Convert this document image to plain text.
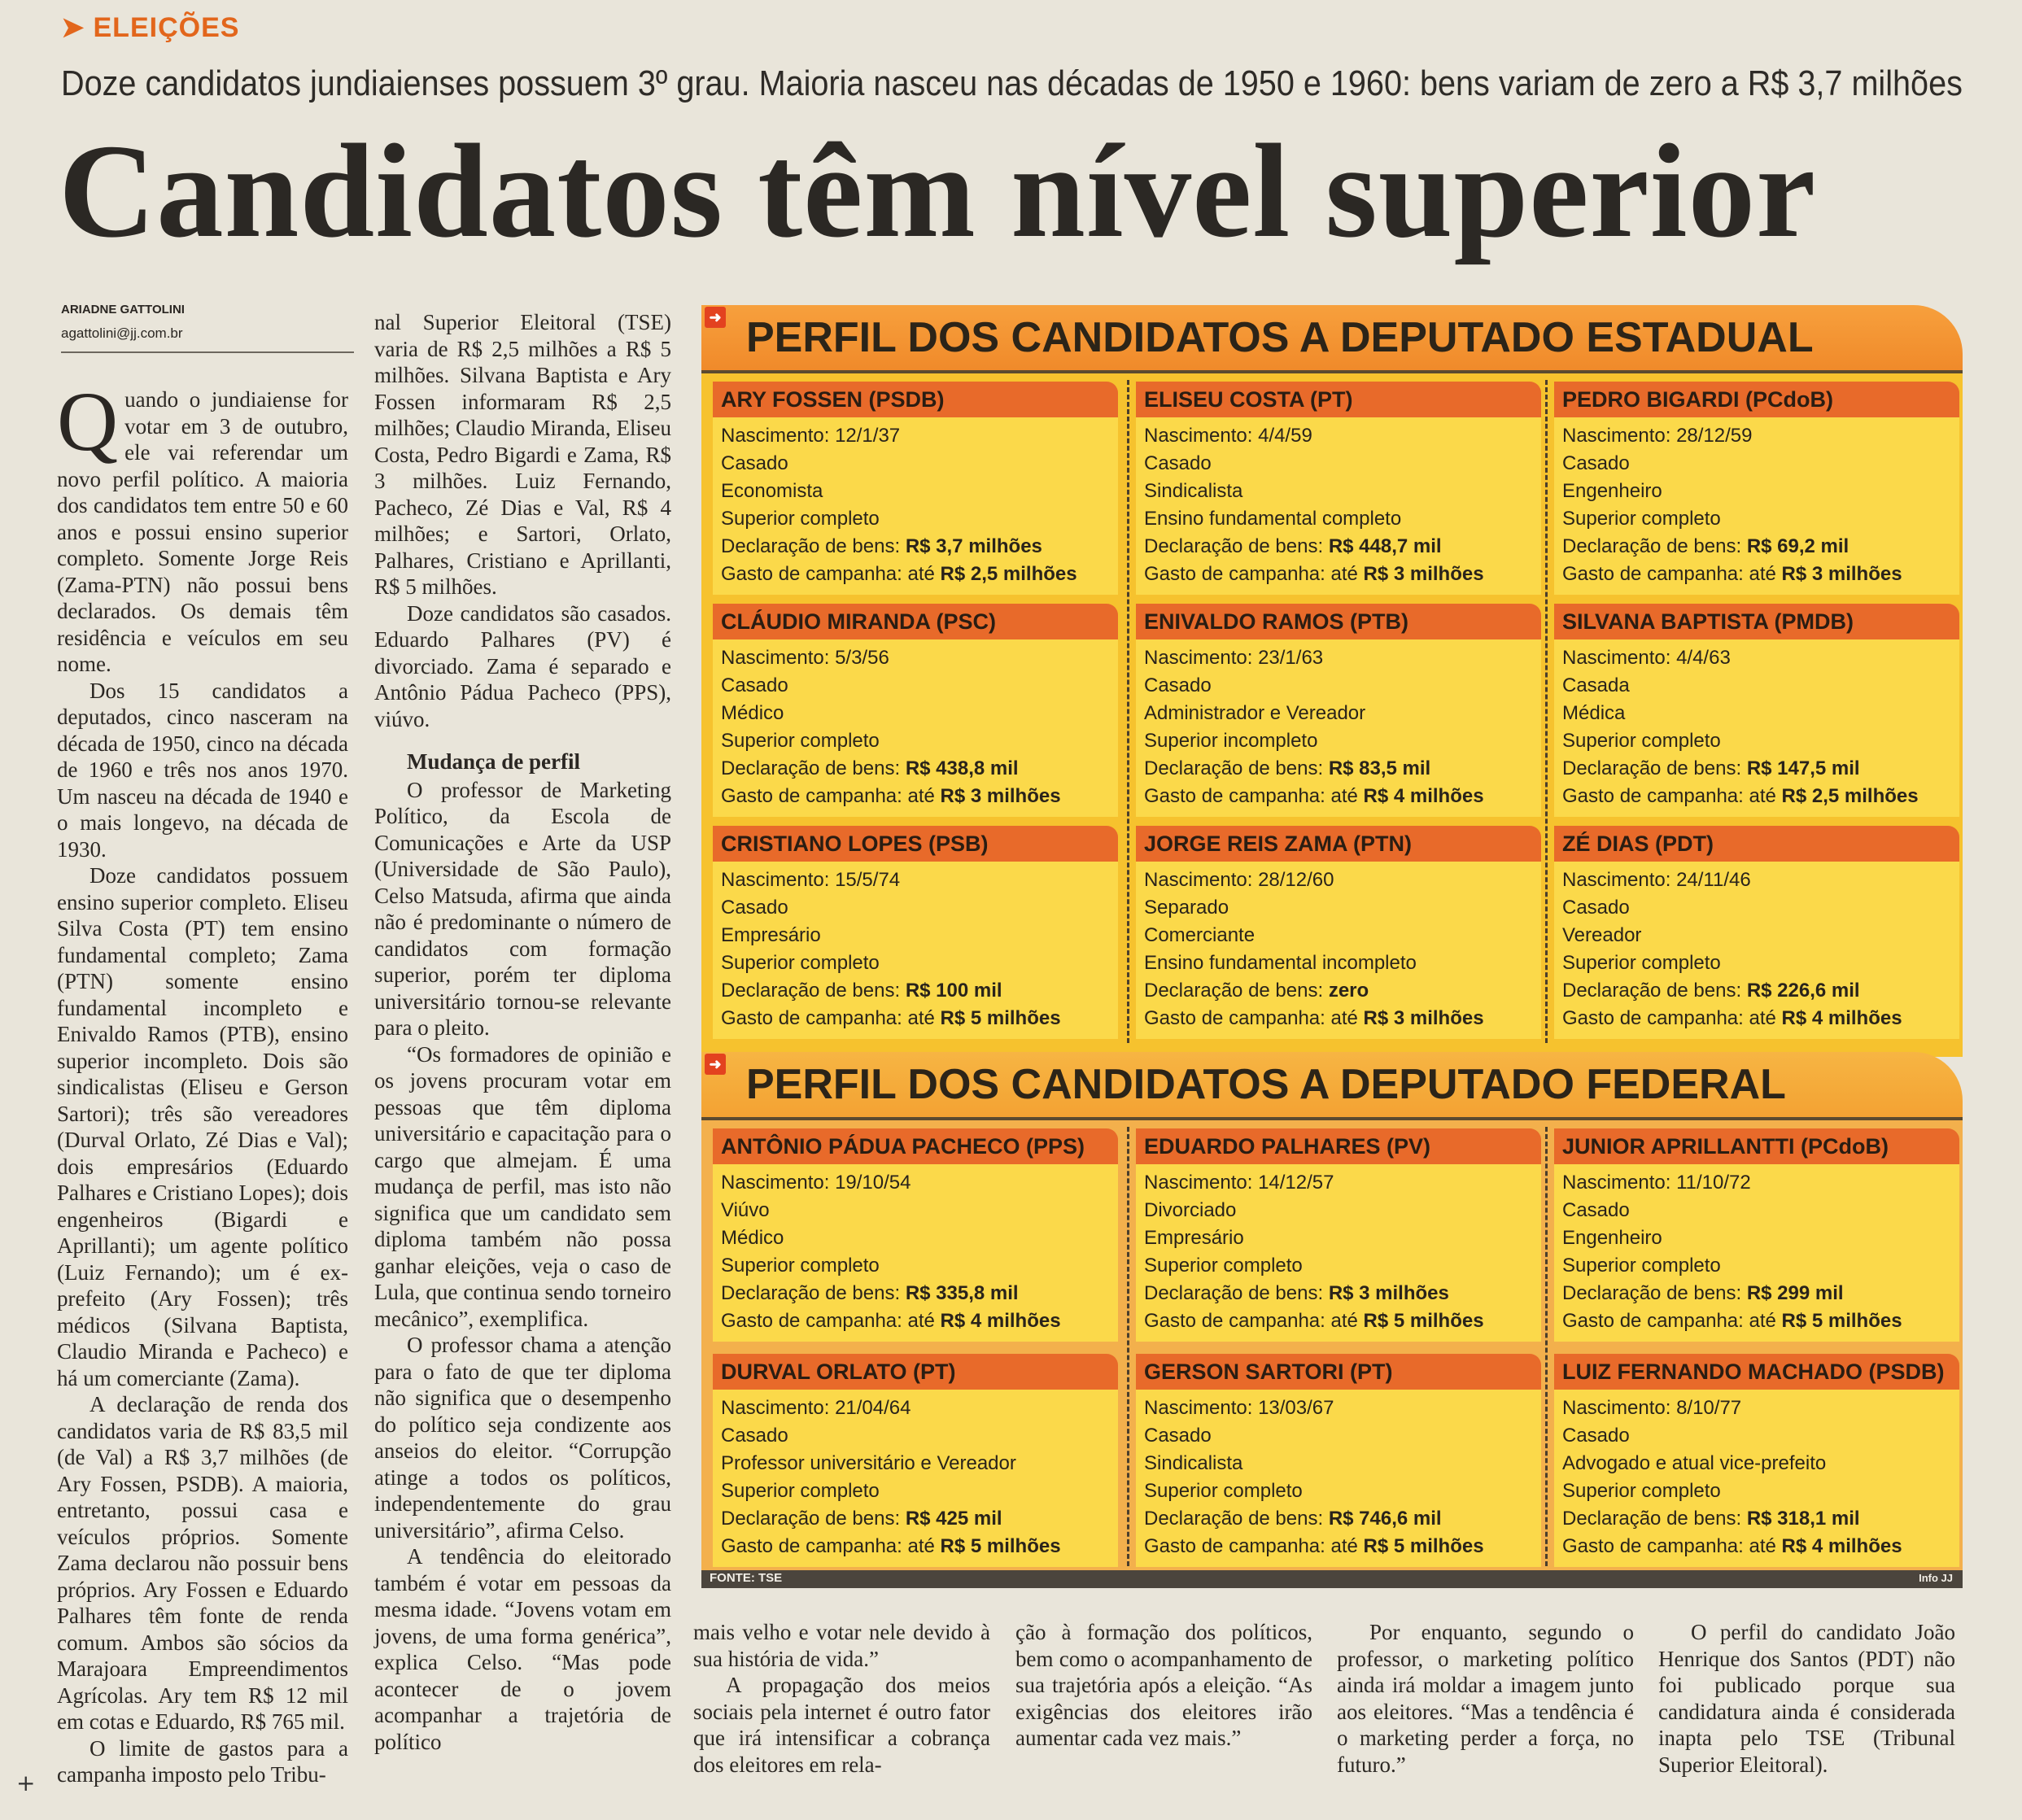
➤ ELEIÇÕES
Doze candidatos jundiaienses possuem 3º grau. Maioria nasceu nas décadas de 1950 e 1960: bens variam de zero a R$ 3,7 milhões
Candidatos têm nível superior
ARIADNE GATTOLINI
agattolini@jj.com.br

Quando o jundiaiense for votar em 3 de outubro, ele vai referendar um novo perfil político. A maioria dos candidatos tem entre 50 e 60 anos e possui ensino superior completo. Somente Jorge Reis (Zama-PTN) não possui bens declarados. Os demais têm residência e veículos em seu nome.

Dos 15 candidatos a deputados, cinco nasceram na década de 1950, cinco na década de 1960 e três nos anos 1970. Um nasceu na década de 1940 e o mais longevo, na década de 1930.

Doze candidatos possuem ensino superior completo. Eliseu Silva Costa (PT) tem ensino fundamental completo; Zama (PTN) somente ensino fundamental incompleto e Enivaldo Ramos (PTB), ensino superior incompleto. Dois são sindicalistas (Eliseu e Gerson Sartori); três são vereadores (Durval Orlato, Zé Dias e Val); dois empresários (Eduardo Palhares e Cristiano Lopes); dois engenheiros (Bigardi e Aprillanti); um agente político (Luiz Fernando); um é ex-prefeito (Ary Fossen); três médicos (Silvana Baptista, Claudio Miranda e Pacheco) e há um comerciante (Zama).

A declaração de renda dos candidatos varia de R$ 83,5 mil (de Val) a R$ 3,7 milhões (de Ary Fossen, PSDB). A maioria, entretanto, possui casa e veículos próprios. Somente Zama declarou não possuir bens próprios. Ary Fossen e Eduardo Palhares têm fonte de renda comum. Ambos são sócios da Marajoara Empreendimentos Agrícolas. Ary tem R$ 12 mil em cotas e Eduardo, R$ 765 mil.

O limite de gastos para a campanha imposto pelo Tribu-

nal Superior Eleitoral (TSE) varia de R$ 2,5 milhões a R$ 5 milhões. Silvana Baptista e Ary Fossen informaram R$ 2,5 milhões; Claudio Miranda, Eliseu Costa, Pedro Bigardi e Zama, R$ 3 milhões. Luiz Fernando, Pacheco, Zé Dias e Val, R$ 4 milhões; e Sartori, Orlato, Palhares, Cristiano e Aprillanti, R$ 5 milhões.

Doze candidatos são casados. Eduardo Palhares (PV) é divorciado. Zama é separado e Antônio Pádua Pacheco (PPS), viúvo.

Mudança de perfil

O professor de Marketing Político, da Escola de Comunicações e Arte da USP (Universidade de São Paulo), Celso Matsuda, afirma que ainda não é predominante o número de candidatos com formação superior, porém ter diploma universitário tornou-se relevante para o pleito.

“Os formadores de opinião e os jovens procuram votar em pessoas que têm diploma universitário e capacitação para o cargo que almejam. É uma mudança de perfil, mas isto não significa que um candidato sem diploma também não possa ganhar eleições, veja o caso de Lula, que continua sendo torneiro mecânico”, exemplifica.

O professor chama a atenção para o fato de que ter diploma não significa que o desempenho do político seja condizente aos anseios do eleitor. “Corrupção atinge a todos os políticos, independentemente do grau universitário”, afirma Celso.

A tendência do eleitorado também é votar em pessoas da mesma idade. “Jovens votam em jovens, de uma forma genérica”, explica Celso. “Mas pode acontecer de o jovem acompanhar a trajetória de político

mais velho e votar nele devido à sua história de vida.”

A propagação dos meios sociais pela internet é outro fator que irá intensificar a cobrança dos eleitores em rela-

ção à formação dos políticos, bem como o acompanhamento de sua trajetória após a eleição. “As exigências dos eleitores irão aumentar cada vez mais.”

Por enquanto, segundo o professor, o marketing político ainda irá moldar a imagem junto aos eleitores. “Mas a tendência é o marketing perder a força, no futuro.”

O perfil do candidato João Henrique dos Santos (PDT) não foi publicado porque sua candidatura ainda é considerada inapta pelo TSE (Tribunal Superior Eleitoral).

➜ PERFIL DOS CANDIDATOS A DEPUTADO ESTADUAL
➜ PERFIL DOS CANDIDATOS A DEPUTADO FEDERAL
ARY FOSSEN (PSDB)
Nascimento: 12/1/37
Casado
Economista
Superior completo
Declaração de bens: R$ 3,7 milhões
Gasto de campanha: até R$ 2,5 milhões
ELISEU COSTA (PT)
Nascimento: 4/4/59
Casado
Sindicalista
Ensino fundamental completo
Declaração de bens: R$ 448,7 mil
Gasto de campanha: até R$ 3 milhões
PEDRO BIGARDI (PCdoB)
Nascimento: 28/12/59
Casado
Engenheiro
Superior completo
Declaração de bens: R$ 69,2 mil
Gasto de campanha: até R$ 3 milhões
CLÁUDIO MIRANDA (PSC)
Nascimento: 5/3/56
Casado
Médico
Superior completo
Declaração de bens: R$ 438,8 mil
Gasto de campanha: até R$ 3 milhões
ENIVALDO RAMOS (PTB)
Nascimento: 23/1/63
Casado
Administrador e Vereador
Superior incompleto
Declaração de bens: R$ 83,5 mil
Gasto de campanha: até R$ 4 milhões
SILVANA BAPTISTA (PMDB)
Nascimento: 4/4/63
Casada
Médica
Superior completo
Declaração de bens: R$ 147,5 mil
Gasto de campanha: até R$ 2,5 milhões
CRISTIANO LOPES (PSB)
Nascimento: 15/5/74
Casado
Empresário
Superior completo
Declaração de bens: R$ 100 mil
Gasto de campanha: até R$ 5 milhões
JORGE REIS ZAMA (PTN)
Nascimento: 28/12/60
Separado
Comerciante
Ensino fundamental incompleto
Declaração de bens: zero
Gasto de campanha: até R$ 3 milhões
ZÉ DIAS (PDT)
Nascimento: 24/11/46
Casado
Vereador
Superior completo
Declaração de bens: R$ 226,6 mil
Gasto de campanha: até R$ 4 milhões
ANTÔNIO PÁDUA PACHECO (PPS)
Nascimento: 19/10/54
Viúvo
Médico
Superior completo
Declaração de bens: R$ 335,8 mil
Gasto de campanha: até R$ 4 milhões
EDUARDO PALHARES (PV)
Nascimento: 14/12/57
Divorciado
Empresário
Superior completo
Declaração de bens: R$ 3 milhões
Gasto de campanha: até R$ 5 milhões
JUNIOR APRILLANTTI (PCdoB)
Nascimento: 11/10/72
Casado
Engenheiro
Superior completo
Declaração de bens: R$ 299 mil
Gasto de campanha: até R$ 5 milhões
DURVAL ORLATO (PT)
Nascimento: 21/04/64
Casado
Professor universitário e Vereador
Superior completo
Declaração de bens: R$ 425 mil
Gasto de campanha: até R$ 5 milhões
GERSON SARTORI (PT)
Nascimento: 13/03/67
Casado
Sindicalista
Superior completo
Declaração de bens: R$ 746,6 mil
Gasto de campanha: até R$ 5 milhões
LUIZ FERNANDO MACHADO (PSDB)
Nascimento: 8/10/77
Casado
Advogado e atual vice-prefeito
Superior completo
Declaração de bens: R$ 318,1 mil
Gasto de campanha: até R$ 4 milhões
FONTE: TSE	Info JJ
+
